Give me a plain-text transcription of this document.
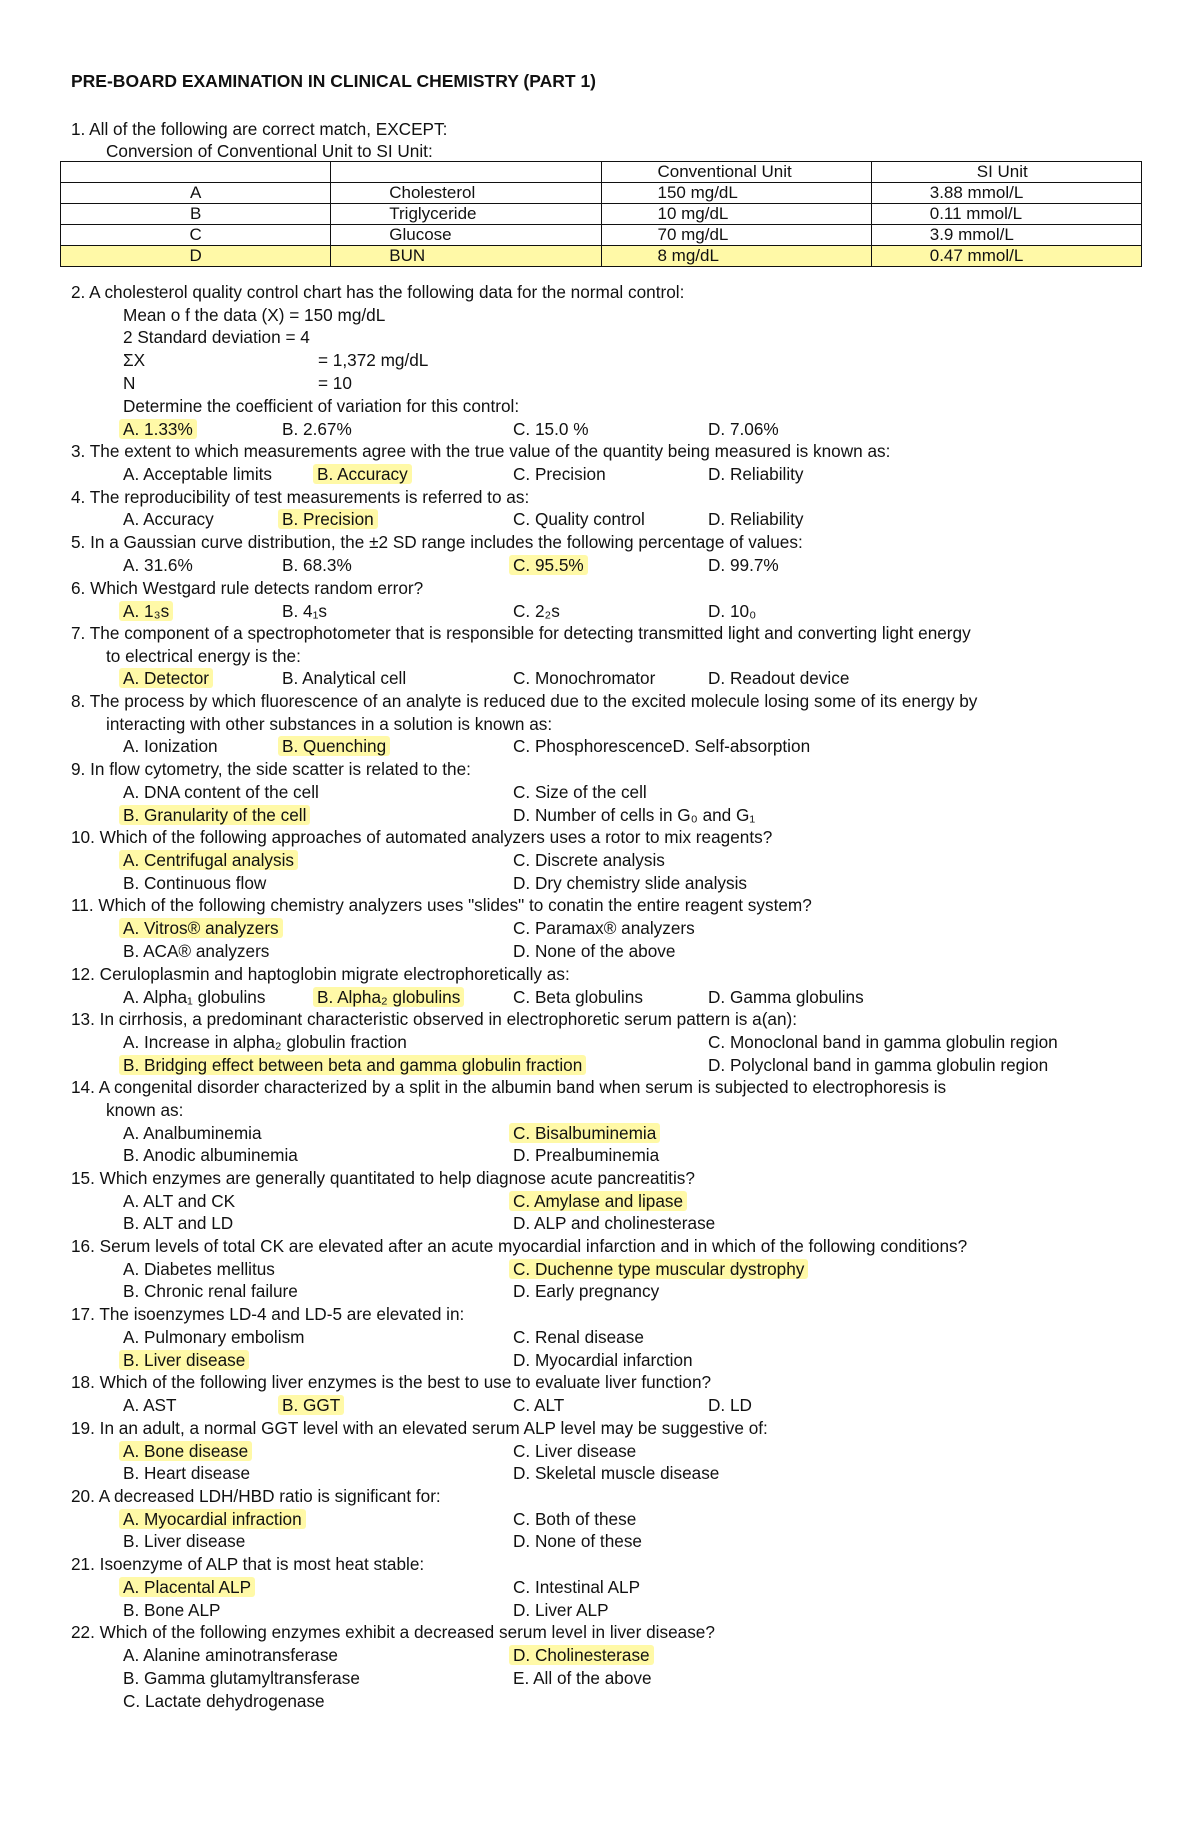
PRE-BOARD EXAMINATION IN CLINICAL CHEMISTRY (PART 1)
		Conventional Unit	SI Unit
A	Cholesterol	150 mg/dL	3.88 mmol/L
B	Triglyceride	10 mg/dL	0.11 mmol/L
C	Glucose	70 mg/dL	3.9 mmol/L
D	BUN	8 mg/dL	0.47 mmol/L
1. All of the following are correct match, EXCEPT:
Conversion of Conventional Unit to SI Unit:
2. A cholesterol quality control chart has the following data for the normal control:
Mean o f the data (X) = 150 mg/dL
2 Standard deviation = 4
ΣX	= 1,372 mg/dL
N	= 10
Determine the coefficient of variation for this control:
A. 1.33%	B. 2.67%	C. 15.0 %	D. 7.06%
3. The extent to which measurements agree with the true value of the quantity being measured is known as:
A. Acceptable limits	B. Accuracy	C. Precision	D. Reliability
4. The reproducibility of test measurements is referred to as:
A. Accuracy	B. Precision	C. Quality control	D. Reliability
5. In a Gaussian curve distribution, the ±2 SD range includes the following percentage of values:
A. 31.6%	B. 68.3%	C. 95.5%	D. 99.7%
6. Which Westgard rule detects random error?
A. 1₃s	B. 4₁s	C. 2₂s	D. 10₀
7. The component of a spectrophotometer that is responsible for detecting transmitted light and converting light energy
to electrical energy is the:
A. Detector	B. Analytical cell	C. Monochromator	D. Readout device
8. The process by which fluorescence of an analyte is reduced due to the excited molecule losing some of its energy by
interacting with other substances in a solution is known as:
A. Ionization	B. Quenching	C. PhosphorescenceD. Self-absorption
9. In flow cytometry, the side scatter is related to the:
A. DNA content of the cell	C. Size of the cell
B. Granularity of the cell	D. Number of cells in G₀ and G₁
10. Which of the following approaches of automated analyzers uses a rotor to mix reagents?
A. Centrifugal analysis	C. Discrete analysis
B. Continuous flow	D. Dry chemistry slide analysis
11. Which of the following chemistry analyzers uses "slides" to conatin the entire reagent system?
A. Vitros® analyzers	C. Paramax® analyzers
B. ACA® analyzers	D. None of the above
12. Ceruloplasmin and haptoglobin migrate electrophoretically as:
A. Alpha₁ globulins	B. Alpha₂ globulins	C. Beta globulins	D. Gamma globulins
13. In cirrhosis, a predominant characteristic observed in electrophoretic serum pattern is a(an):
A. Increase in alpha₂ globulin fraction	C. Monoclonal band in gamma globulin region
B. Bridging effect between beta and gamma globulin fraction	D. Polyclonal band in gamma globulin region
14. A congenital disorder characterized by a split in the albumin band when serum is subjected to electrophoresis is
known as:
A. Analbuminemia	C. Bisalbuminemia
B. Anodic albuminemia	D. Prealbuminemia
15. Which enzymes are generally quantitated to help diagnose acute pancreatitis?
A. ALT and CK	C. Amylase and lipase
B. ALT and LD	D. ALP and cholinesterase
16. Serum levels of total CK are elevated after an acute myocardial infarction and in which of the following conditions?
A. Diabetes mellitus	C. Duchenne type muscular dystrophy
B. Chronic renal failure	D. Early pregnancy
17. The isoenzymes LD-4 and LD-5 are elevated in:
A. Pulmonary embolism	C. Renal disease
B. Liver disease	D. Myocardial infarction
18. Which of the following liver enzymes is the best to use to evaluate liver function?
A. AST	B. GGT	C. ALT	D. LD
19. In an adult, a normal GGT level with an elevated serum ALP level may be suggestive of:
A. Bone disease	C. Liver disease
B. Heart disease	D. Skeletal muscle disease
20. A decreased LDH/HBD ratio is significant for:
A. Myocardial infraction	C. Both of these
B. Liver disease	D. None of these
21. Isoenzyme of ALP that is most heat stable:
A. Placental ALP	C. Intestinal ALP
B. Bone ALP	D. Liver ALP
22. Which of the following enzymes exhibit a decreased serum level in liver disease?
A. Alanine aminotransferase	D. Cholinesterase
B. Gamma glutamyltransferase	E. All of the above
C. Lactate dehydrogenase
